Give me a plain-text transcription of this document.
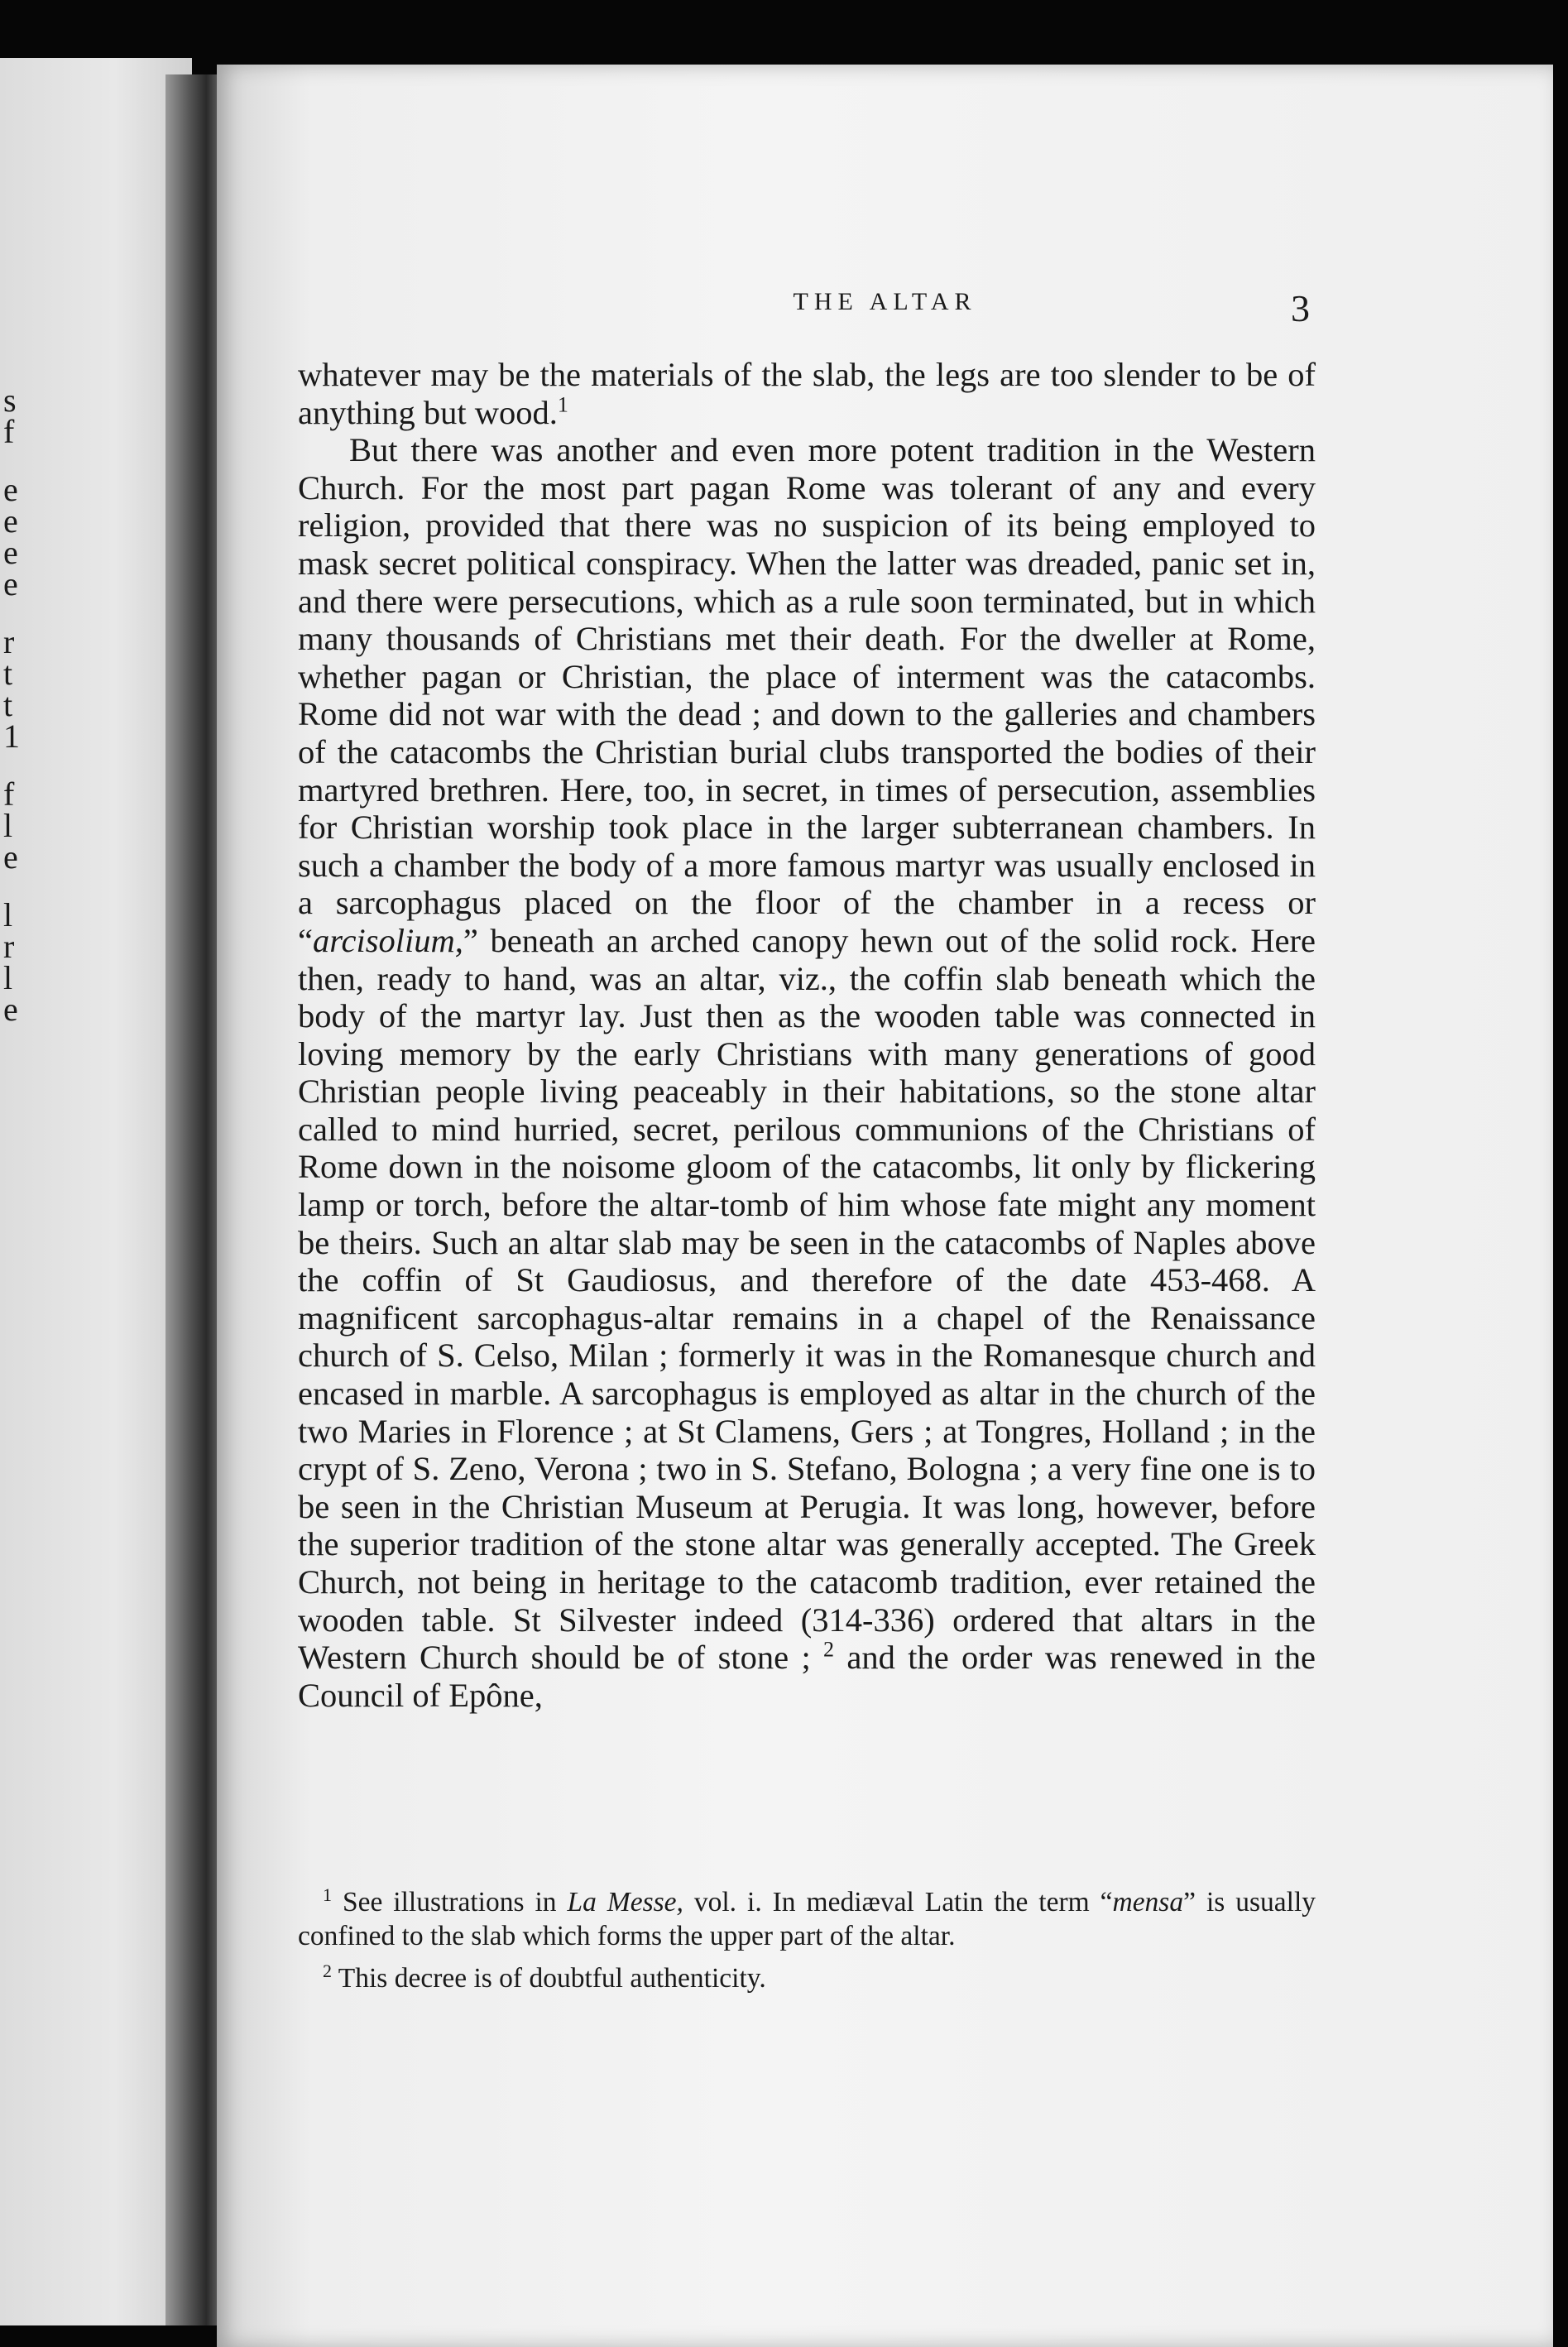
s
f
e
e
e
e
r
t
t
1
f
l
e
l
r
l
e
THE ALTAR	3

whatever may be the materials of the slab, the legs are too slender to be of anything but wood.$^1$

But there was another and even more potent tradition in the Western Church. For the most part pagan Rome was tolerant of any and every religion, provided that there was no suspicion of its being employed to mask secret political conspiracy. When the latter was dreaded, panic set in, and there were persecutions, which as a rule soon terminated, but in which many thousands of Christians met their death. For the dweller at Rome, whether pagan or Christian, the place of interment was the catacombs. Rome did not war with the dead ; and down to the galleries and chambers of the catacombs the Christian burial clubs transported the bodies of their martyred brethren. Here, too, in secret, in times of persecution, assemblies for Christian worship took place in the larger subterranean chambers. In such a chamber the body of a more famous martyr was usually enclosed in a sarcophagus placed on the floor of the chamber in a recess or “arcisolium,” beneath an arched canopy hewn out of the solid rock. Here then, ready to hand, was an altar, viz., the coffin slab beneath which the body of the martyr lay. Just then as the wooden table was connected in loving memory by the early Christians with many generations of good Christian people living peaceably in their habitations, so the stone altar called to mind hurried, secret, perilous communions of the Christians of Rome down in the noisome gloom of the catacombs, lit only by flickering lamp or torch, before the altar-tomb of him whose fate might any moment be theirs. Such an altar slab may be seen in the catacombs of Naples above the coffin of St Gaudiosus, and therefore of the date 453-468. A magnificent sarcophagus-altar remains in a chapel of the Renaissance church of S. Celso, Milan ; formerly it was in the Romanesque church and encased in marble. A sarcophagus is employed as altar in the church of the two Maries in Florence ; at St Clamens, Gers ; at Tongres, Holland ; in the crypt of S. Zeno, Verona ; two in S. Stefano, Bologna ; a very fine one is to be seen in the Christian Museum at Perugia. It was long, however, before the superior tradition of the stone altar was generally accepted. The Greek Church, not being in heritage to the catacomb tradition, ever retained the wooden table. St Silvester indeed (314-336) ordered that altars in the Western Church should be of stone ; $^2$ and the order was renewed in the Council of Epône,

$^1$ See illustrations in La Messe, vol. i. In mediæval Latin the term “mensa” is usually confined to the slab which forms the upper part of the altar.

$^2$ This decree is of doubtful authenticity.
